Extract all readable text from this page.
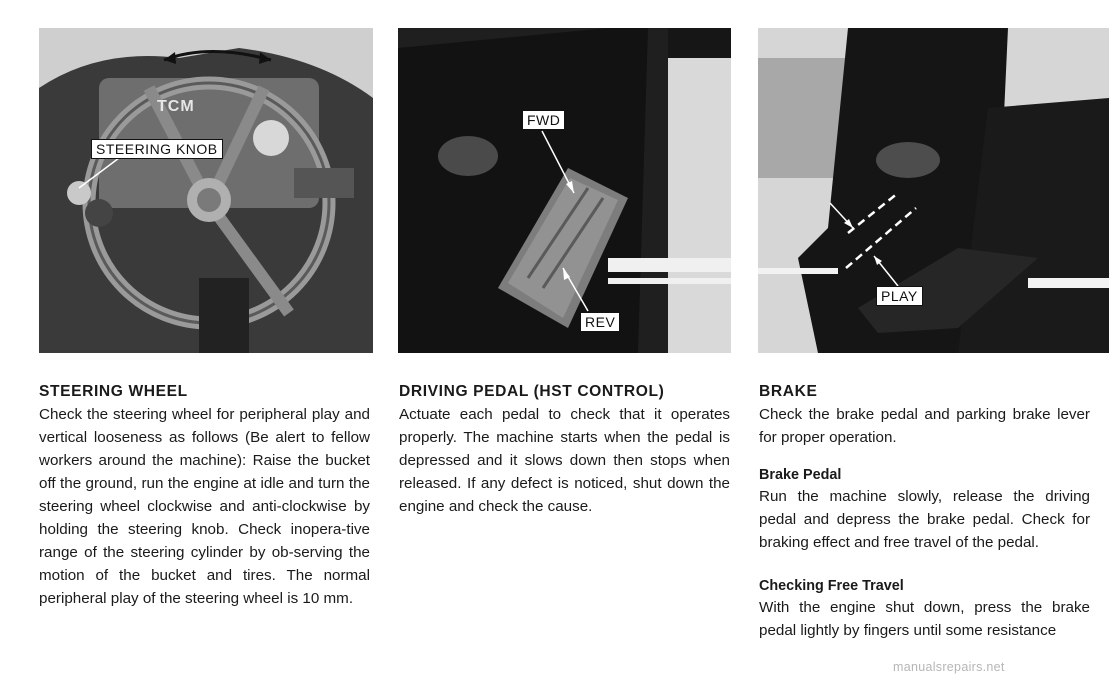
STEERING KNOB
TCM
FWD
REV
PLAY
STEERING WHEEL

Check the steering wheel for peripheral play and vertical looseness as follows (Be alert to fellow workers around the machine): Raise the bucket off the ground, run the engine at idle and turn the steering wheel clockwise and anti-clockwise by holding the steering knob. Check inopera-tive range of the steering cylinder by ob-serving the motion of the bucket and tires. The normal peripheral play of the steering wheel is 10 mm.

DRIVING PEDAL (HST CONTROL)

Actuate each pedal to check that it operates properly. The machine starts when the pedal is depressed and it slows down then stops when released. If any defect is noticed, shut down the engine and check the cause.

BRAKE

Check the brake pedal and parking brake lever for proper operation.

Brake Pedal

Run the machine slowly, release the driving pedal and depress the brake pedal. Check for braking effect and free travel of the pedal.

Checking Free Travel

With the engine shut down, press the brake pedal lightly by fingers until some resistance

manualsrepairs.net
